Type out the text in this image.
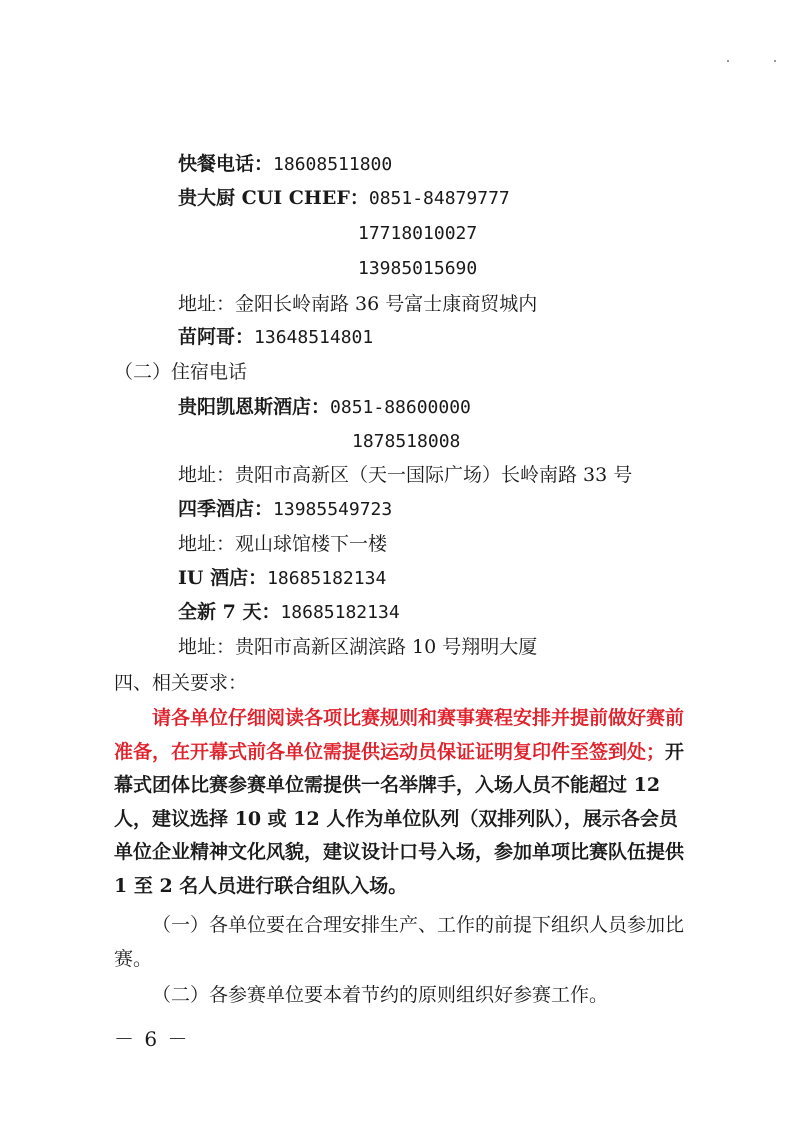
快餐电话：18608511800
贵大厨 CUI CHEF：0851-84879777
17718010027
13985015690
地址：金阳长岭南路 36 号富士康商贸城内
苗阿哥：13648514801
（二）住宿电话
贵阳凯恩斯酒店：0851-88600000
1878518008
地址：贵阳市高新区（天一国际广场）长岭南路 33 号
四季酒店：13985549723
地址：观山球馆楼下一楼
IU 酒店：18685182134
全新 7 天：18685182134
地址：贵阳市高新区湖滨路 10 号翔明大厦
四、相关要求：
请各单位仔细阅读各项比赛规则和赛事赛程安排并提前做好赛前准备，在开幕式前各单位需提供运动员保证证明复印件至签到处；开幕式团体比赛参赛单位需提供一名举牌手，入场人员不能超过 12 人，建议选择 10 或 12 人作为单位队列（双排列队），展示各会员单位企业精神文化风貌，建议设计口号入场，参加单项比赛队伍提供 1 至 2 名人员进行联合组队入场。
（一）各单位要在合理安排生产、工作的前提下组织人员参加比赛。
（二）各参赛单位要本着节约的原则组织好参赛工作。
－ 6 －
